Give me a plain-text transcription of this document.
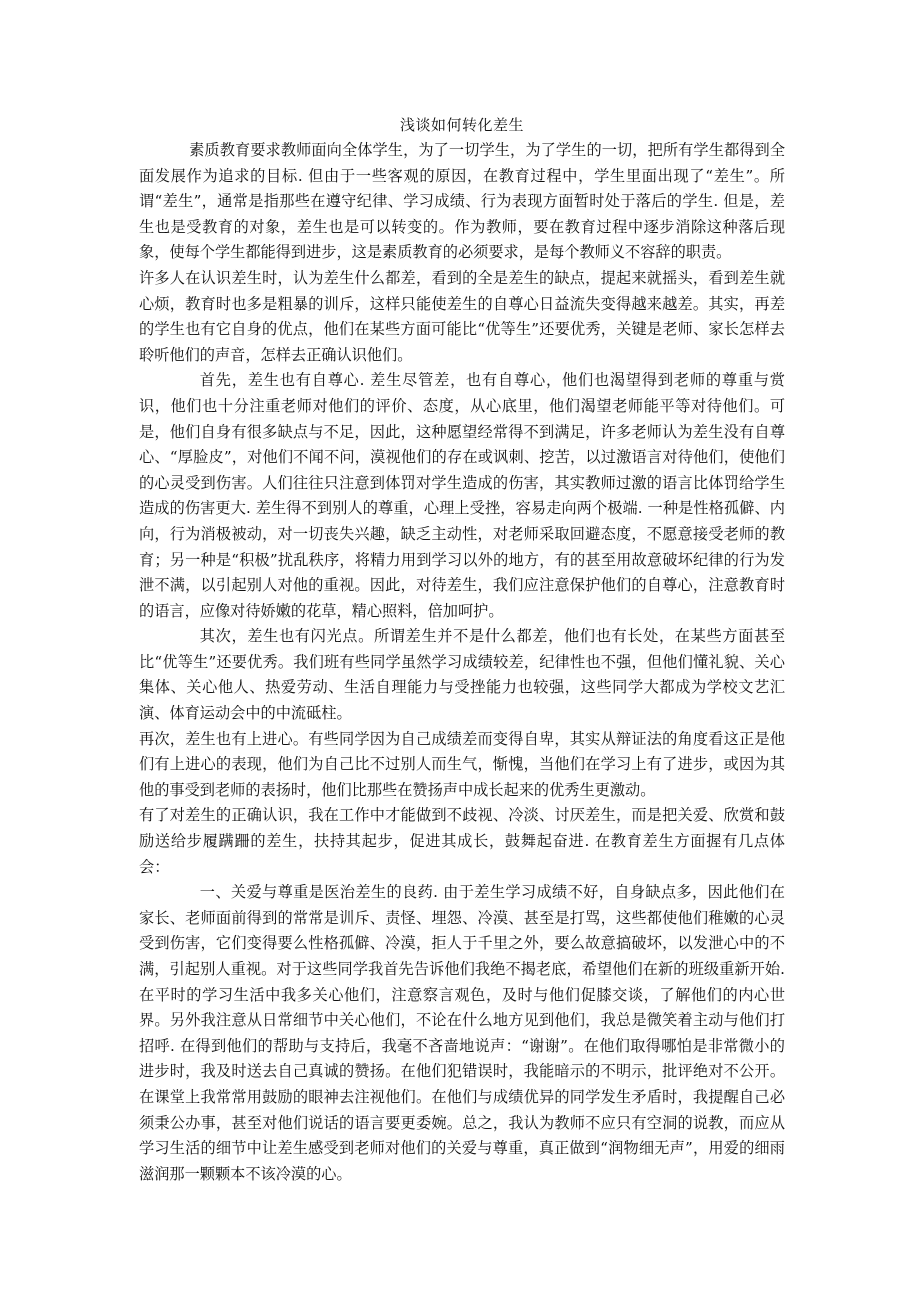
浅谈如何转化差生

素质教育要求教师面向全体学生，为了一切学生，为了学生的一切，把所有学生都得到全面发展作为追求的目标. 但由于一些客观的原因，在教育过程中，学生里面出现了“差生”。所谓“差生”，通常是指那些在遵守纪律、学习成绩、行为表现方面暂时处于落后的学生. 但是，差生也是受教育的对象，差生也是可以转变的。作为教师，要在教育过程中逐步消除这种落后现象，使每个学生都能得到进步，这是素质教育的必须要求，是每个教师义不容辞的职责。

许多人在认识差生时，认为差生什么都差，看到的全是差生的缺点，提起来就摇头，看到差生就心烦，教育时也多是粗暴的训斥，这样只能使差生的自尊心日益流失变得越来越差。其实，再差的学生也有它自身的优点，他们在某些方面可能比“优等生”还要优秀，关键是老师、家长怎样去聆听他们的声音，怎样去正确认识他们。

首先，差生也有自尊心. 差生尽管差，也有自尊心，他们也渴望得到老师的尊重与赏识，他们也十分注重老师对他们的评价、态度，从心底里，他们渴望老师能平等对待他们。可是，他们自身有很多缺点与不足，因此，这种愿望经常得不到满足，许多老师认为差生没有自尊心、“厚脸皮”，对他们不闻不问，漠视他们的存在或讽刺、挖苦，以过激语言对待他们，使他们的心灵受到伤害。人们往往只注意到体罚对学生造成的伤害，其实教师过激的语言比体罚给学生造成的伤害更大. 差生得不到别人的尊重，心理上受挫，容易走向两个极端. 一种是性格孤僻、内向，行为消极被动，对一切丧失兴趣，缺乏主动性，对老师采取回避态度，不愿意接受老师的教育；另一种是“积极”扰乱秩序，将精力用到学习以外的地方，有的甚至用故意破坏纪律的行为发泄不满，以引起别人对他的重视。因此，对待差生，我们应注意保护他们的自尊心，注意教育时的语言，应像对待娇嫩的花草，精心照料，倍加呵护。

其次，差生也有闪光点。所谓差生并不是什么都差，他们也有长处，在某些方面甚至比“优等生”还要优秀。我们班有些同学虽然学习成绩较差，纪律性也不强，但他们懂礼貌、关心集体、关心他人、热爱劳动、生活自理能力与受挫能力也较强，这些同学大都成为学校文艺汇演、体育运动会中的中流砥柱。

再次，差生也有上进心。有些同学因为自己成绩差而变得自卑，其实从辩证法的角度看这正是他们有上进心的表现，他们为自己比不过别人而生气，惭愧，当他们在学习上有了进步，或因为其他的事受到老师的表扬时，他们比那些在赞扬声中成长起来的优秀生更激动。

有了对差生的正确认识，我在工作中才能做到不歧视、冷淡、讨厌差生，而是把关爱、欣赏和鼓励送给步履蹒跚的差生，扶持其起步，促进其成长，鼓舞起奋进. 在教育差生方面握有几点体会：

一、关爱与尊重是医治差生的良药. 由于差生学习成绩不好，自身缺点多，因此他们在家长、老师面前得到的常常是训斥、责怪、埋怨、冷漠、甚至是打骂，这些都使他们稚嫩的心灵受到伤害，它们变得要么性格孤僻、冷漠，拒人于千里之外，要么故意搞破坏，以发泄心中的不满，引起别人重视。对于这些同学我首先告诉他们我绝不揭老底，希望他们在新的班级重新开始. 在平时的学习生活中我多关心他们，注意察言观色，及时与他们促膝交谈，了解他们的内心世界。另外我注意从日常细节中关心他们，不论在什么地方见到他们，我总是微笑着主动与他们打招呼. 在得到他们的帮助与支持后，我毫不吝啬地说声：“谢谢”。在他们取得哪怕是非常微小的进步时，我及时送去自己真诚的赞扬。在他们犯错误时，我能暗示的不明示，批评绝对不公开。在课堂上我常常用鼓励的眼神去注视他们。在他们与成绩优异的同学发生矛盾时，我提醒自己必须秉公办事，甚至对他们说话的语言要更委婉。总之，我认为教师不应只有空洞的说教，而应从学习生活的细节中让差生感受到老师对他们的关爱与尊重，真正做到“润物细无声”，用爱的细雨滋润那一颗颗本不该冷漠的心。
